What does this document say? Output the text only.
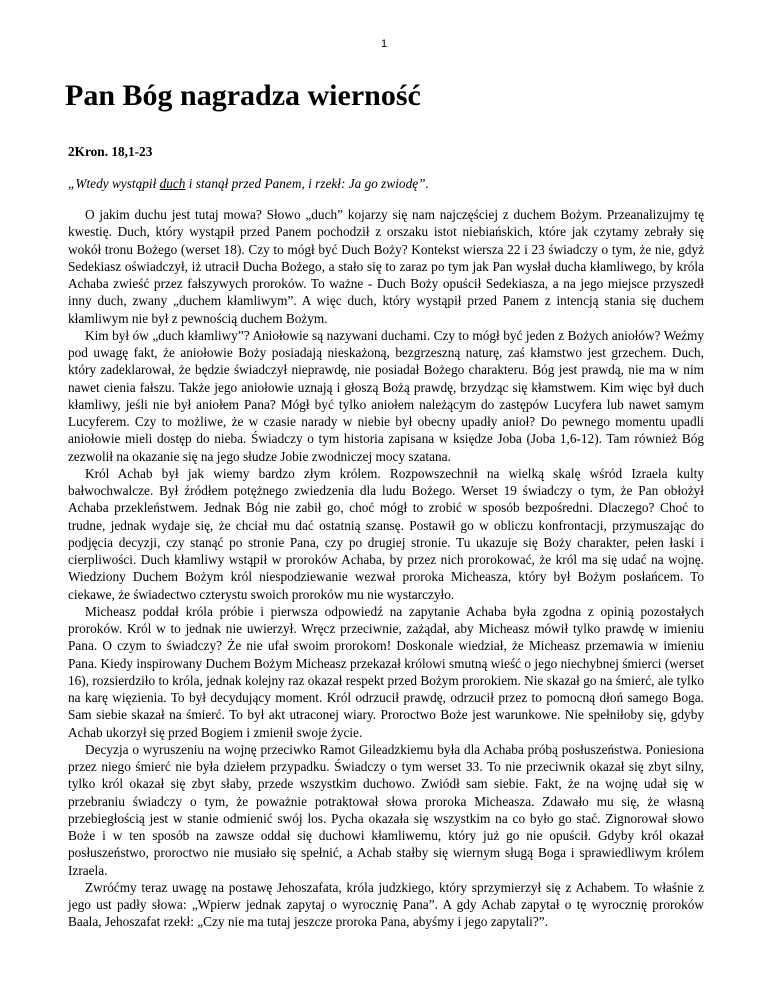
1
Pan Bóg nagradza wierność

2Kron. 18,1-23

„Wtedy wystąpił duch i stanął przed Panem, i rzekł: Ja go zwiodę”.

O jakim duchu jest tutaj mowa? Słowo „duch” kojarzy się nam najczęściej z duchem Bożym. Przeanalizujmy tę kwestię. Duch, który wystąpił przed Panem pochodził z orszaku istot niebiańskich, które jak czytamy zebrały się wokół tronu Bożego (werset 18). Czy to mógł być Duch Boży? Kontekst wiersza 22 i 23 świadczy o tym, że nie, gdyż Sedekiasz oświadczył, iż utracił Ducha Bożego, a stało się to zaraz po tym jak Pan wysłał ducha kłamliwego, by króla Achaba zwieść przez fałszywych proroków. To ważne - Duch Boży opuścił Sedekiasza, a na jego miejsce przyszedł inny duch, zwany „duchem kłamliwym”. A więc duch, który wystąpił przed Panem z intencją stania się duchem kłamliwym nie był z pewnością duchem Bożym.

Kim był ów „duch kłamliwy”? Aniołowie są nazywani duchami. Czy to mógł być jeden z Bożych aniołów? Weźmy pod uwagę fakt, że aniołowie Boży posiadają nieskażoną, bezgrzeszną naturę, zaś kłamstwo jest grzechem. Duch, który zadeklarował, że będzie świadczył nieprawdę, nie posiadał Bożego charakteru. Bóg jest prawdą, nie ma w nim nawet cienia fałszu. Także jego aniołowie uznają i głoszą Bożą prawdę, brzydząc się kłamstwem. Kim więc był duch kłamliwy, jeśli nie był aniołem Pana? Mógł być tylko aniołem należącym do zastępów Lucyfera lub nawet samym Lucyferem. Czy to możliwe, że w czasie narady w niebie był obecny upadły anioł? Do pewnego momentu upadli aniołowie mieli dostęp do nieba. Świadczy o tym historia zapisana w księdze Joba (Joba 1,6-12). Tam również Bóg zezwolił na okazanie się na jego słudze Jobie zwodniczej mocy szatana.

Król Achab był jak wiemy bardzo złym królem. Rozpowszechnił na wielką skalę wśród Izraela kulty bałwochwalcze. Był źródłem potężnego zwiedzenia dla ludu Bożego. Werset 19 świadczy o tym, że Pan obłożył Achaba przekleństwem. Jednak Bóg nie zabił go, choć mógł to zrobić w sposób bezpośredni. Dlaczego? Choć to trudne, jednak wydaje się, że chciał mu dać ostatnią szansę. Postawił go w obliczu konfrontacji, przymuszając do podjęcia decyzji, czy stanąć po stronie Pana, czy po drugiej stronie. Tu ukazuje się Boży charakter, pełen łaski i cierpliwości. Duch kłamliwy wstąpił w proroków Achaba, by przez nich prorokować, że król ma się udać na wojnę. Wiedziony Duchem Bożym król niespodziewanie wezwał proroka Micheasza, który był Bożym posłańcem. To ciekawe, że świadectwo czterystu swoich proroków mu nie wystarczyło.

Micheasz poddał króla próbie i pierwsza odpowiedź na zapytanie Achaba była zgodna z opinią pozostałych proroków. Król w to jednak nie uwierzył. Wręcz przeciwnie, zażądał, aby Micheasz mówił tylko prawdę w imieniu Pana. O czym to świadczy? Że nie ufał swoim prorokom! Doskonale wiedział, że Micheasz przemawia w imieniu Pana. Kiedy inspirowany Duchem Bożym Micheasz przekazał królowi smutną wieść o jego niechybnej śmierci (werset 16), rozsierdziło to króla, jednak kolejny raz okazał respekt przed Bożym prorokiem. Nie skazał go na śmierć, ale tylko na karę więzienia. To był decydujący moment. Król odrzucił prawdę, odrzucił przez to pomocną dłoń samego Boga. Sam siebie skazał na śmierć. To był akt utraconej wiary. Proroctwo Boże jest warunkowe. Nie spełniłoby się, gdyby Achab ukorzył się przed Bogiem i zmienił swoje życie.

Decyzja o wyruszeniu na wojnę przeciwko Ramot Gileadzkiemu była dla Achaba próbą posłuszeństwa. Poniesiona przez niego śmierć nie była dziełem przypadku. Świadczy o tym werset 33. To nie przeciwnik okazał się zbyt silny, tylko król okazał się zbyt słaby, przede wszystkim duchowo. Zwiódł sam siebie. Fakt, że na wojnę udał się w przebraniu świadczy o tym, że poważnie potraktował słowa proroka Micheasza. Zdawało mu się, że własną przebiegłością jest w stanie odmienić swój los. Pycha okazała się wszystkim na co było go stać. Zignorował słowo Boże i w ten sposób na zawsze oddał się duchowi kłamliwemu, który już go nie opuścił. Gdyby król okazał posłuszeństwo, proroctwo nie musiało się spełnić, a Achab stałby się wiernym sługą Boga i sprawiedliwym królem Izraela.

Zwróćmy teraz uwagę na postawę Jehoszafata, króla judzkiego, który sprzymierzył się z Achabem. To właśnie z jego ust padły słowa: „Wpierw jednak zapytaj o wyrocznię Pana”. A gdy Achab zapytał o tę wyrocznię proroków Baala, Jehoszafat rzekł: „Czy nie ma tutaj jeszcze proroka Pana, abyśmy i jego zapytali?”.
